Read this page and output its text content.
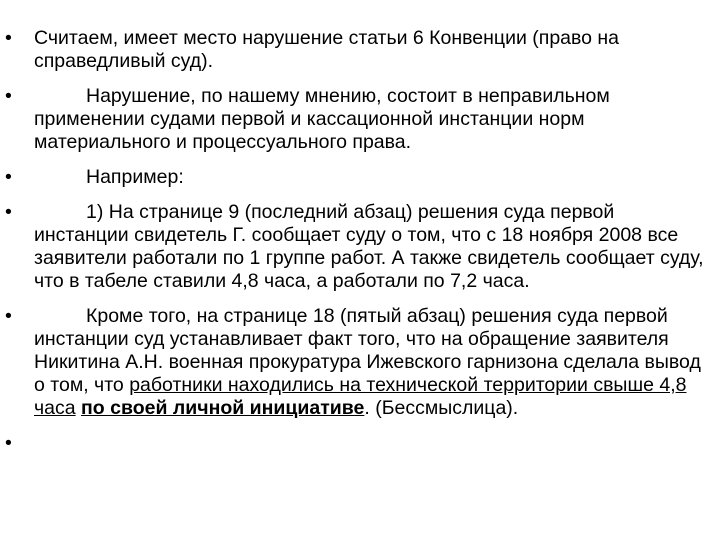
• Считаем, имеет место нарушение статьи 6 Конвенции (право на справедливый суд).
•	Нарушение, по нашему мнению, состоит в неправильном применении судами первой и кассационной инстанции норм материального и процессуального права.
•	Например:
•	1) На странице 9 (последний абзац) решения суда первой инстанции свидетель Г. сообщает суду о том, что с 18 ноября 2008 все заявители работали по 1 группе работ. А также свидетель сообщает суду, что в табеле ставили 4,8 часа, а работали по 7,2 часа.
•	Кроме того, на странице 18 (пятый абзац) решения суда первой инстанции суд устанавливает факт того, что на обращение заявителя Никитина А.Н. военная прокуратура Ижевского гарнизона сделала вывод о том, что работники находились на технической территории свыше 4,8 часа по своей личной инициативе. (Бессмыслица).
•
